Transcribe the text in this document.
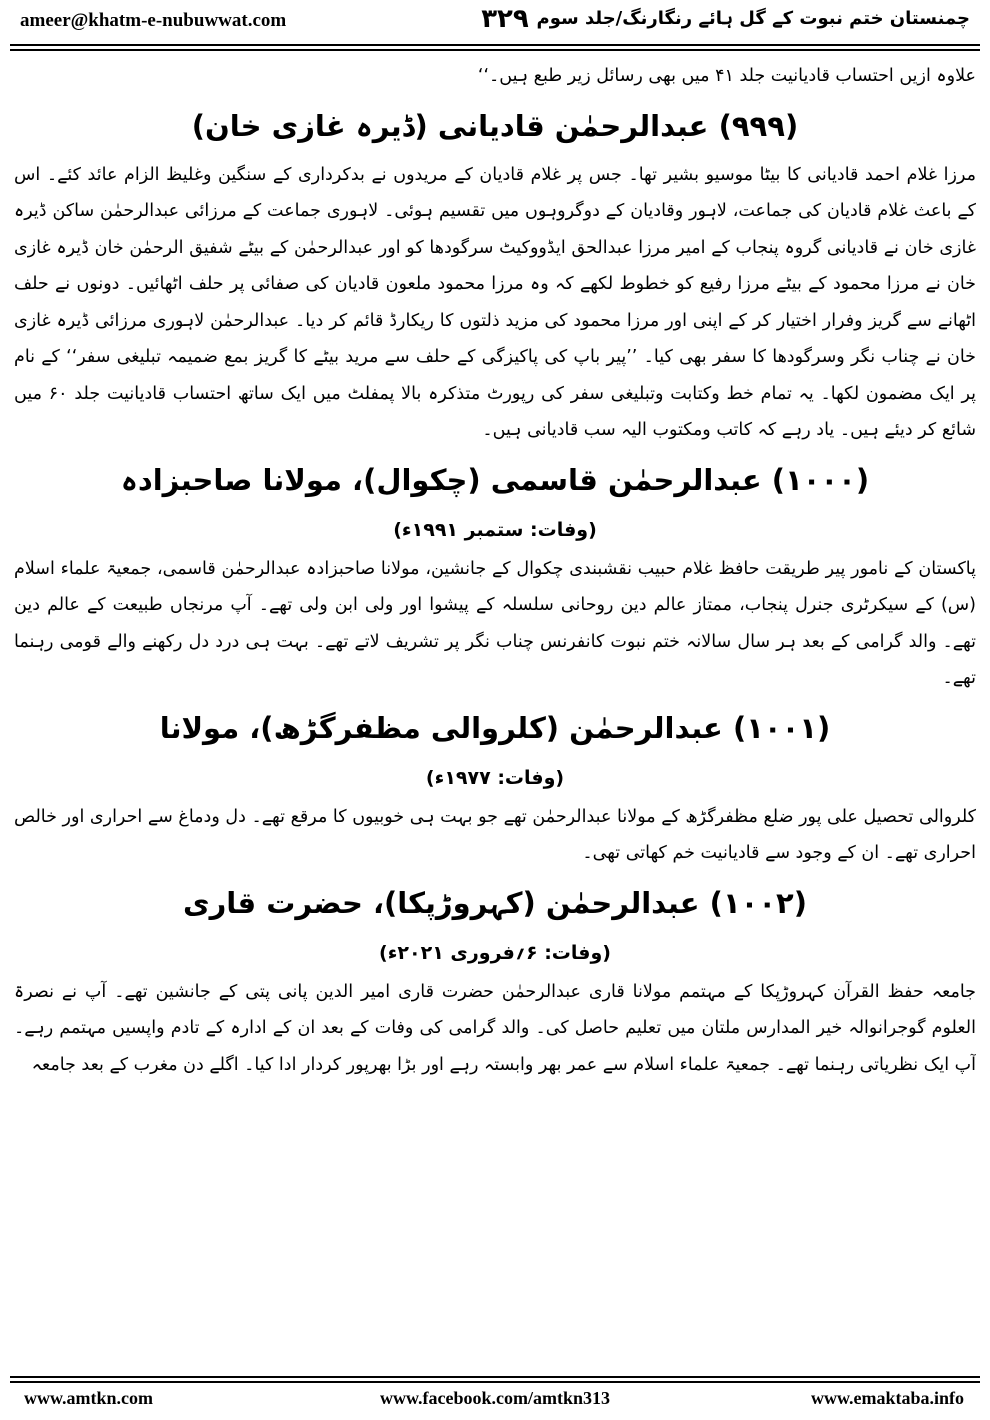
ameer@khatm-e-nubuwwat.com	۳۲۹ چمنستان ختم نبوت کے گل ہائے رنگارنگ/جلد سوم

علاوہ ازیں احتساب قادیانیت جلد ۴۱ میں بھی رسائل زیر طبع ہیں۔‘‘

(۹۹۹) عبدالرحمٰن قادیانی (ڈیرہ غازی خان)

مرزا غلام احمد قادیانی کا بیٹا موسیو بشیر تھا۔ جس پر غلام قادیان کے مریدوں نے بدکرداری کے سنگین وغلیظ الزام عائد کئے۔ اس کے باعث غلام قادیان کی جماعت، لاہور وقادیان کے دوگروہوں میں تقسیم ہوئی۔ لاہوری جماعت کے مرزائی عبدالرحمٰن ساکن ڈیرہ غازی خان نے قادیانی گروہ پنجاب کے امیر مرزا عبدالحق ایڈووکیٹ سرگودھا کو اور عبدالرحمٰن کے بیٹے شفیق الرحمٰن خان ڈیرہ غازی خان نے مرزا محمود کے بیٹے مرزا رفیع کو خطوط لکھے کہ وہ مرزا محمود ملعون قادیان کی صفائی پر حلف اٹھائیں۔ دونوں نے حلف اٹھانے سے گریز وفرار اختیار کر کے اپنی اور مرزا محمود کی مزید ذلتوں کا ریکارڈ قائم کر دیا۔ عبدالرحمٰن لاہوری مرزائی ڈیرہ غازی خان نے چناب نگر وسرگودھا کا سفر بھی کیا۔ ’’پیر باپ کی پاکیزگی کے حلف سے مرید بیٹے کا گریز بمع ضمیمہ تبلیغی سفر‘‘ کے نام پر ایک مضمون لکھا۔ یہ تمام خط وکتابت وتبلیغی سفر کی رپورٹ متذکرہ بالا پمفلٹ میں ایک ساتھ احتساب قادیانیت جلد ۶۰ میں شائع کر دیئے ہیں۔ یاد رہے کہ کاتب ومکتوب الیہ سب قادیانی ہیں۔

(۱۰۰۰) عبدالرحمٰن قاسمی (چکوال)، مولانا صاحبزادہ
(وفات: ستمبر ۱۹۹۱ء)

پاکستان کے نامور پیر طریقت حافظ غلام حبیب نقشبندی چکوال کے جانشین، مولانا صاحبزادہ عبدالرحمٰن قاسمی، جمعیۃ علماء اسلام (س) کے سیکرٹری جنرل پنجاب، ممتاز عالم دین روحانی سلسلہ کے پیشوا اور ولی ابن ولی تھے۔ آپ مرنجاں طبیعت کے عالم دین تھے۔ والد گرامی کے بعد ہر سال سالانہ ختم نبوت کانفرنس چناب نگر پر تشریف لاتے تھے۔ بہت ہی درد دل رکھنے والے قومی رہنما تھے۔

(۱۰۰۱) عبدالرحمٰن (کلروالی مظفرگڑھ)، مولانا
(وفات: ۱۹۷۷ء)

کلروالی تحصیل علی پور ضلع مظفرگڑھ کے مولانا عبدالرحمٰن تھے جو بہت ہی خوبیوں کا مرقع تھے۔ دل ودماغ سے احراری اور خالص احراری تھے۔ ان کے وجود سے قادیانیت خم کھاتی تھی۔

(۱۰۰۲) عبدالرحمٰن (کہروڑپکا)، حضرت قاری
(وفات: ۶؍فروری ۲۰۲۱ء)

جامعہ حفظ القرآن کہروڑپکا کے مہتمم مولانا قاری عبدالرحمٰن حضرت قاری امیر الدین پانی پتی کے جانشین تھے۔ آپ نے نصرۃ العلوم گوجرانوالہ خیر المدارس ملتان میں تعلیم حاصل کی۔ والد گرامی کی وفات کے بعد ان کے ادارہ کے تادم واپسیں مہتمم رہے۔ آپ ایک نظریاتی رہنما تھے۔ جمعیۃ علماء اسلام سے عمر بھر وابستہ رہے اور بڑا بھرپور کردار ادا کیا۔ اگلے دن مغرب کے بعد جامعہ

www.amtkn.com	www.facebook.com/amtkn313	www.emaktaba.info
